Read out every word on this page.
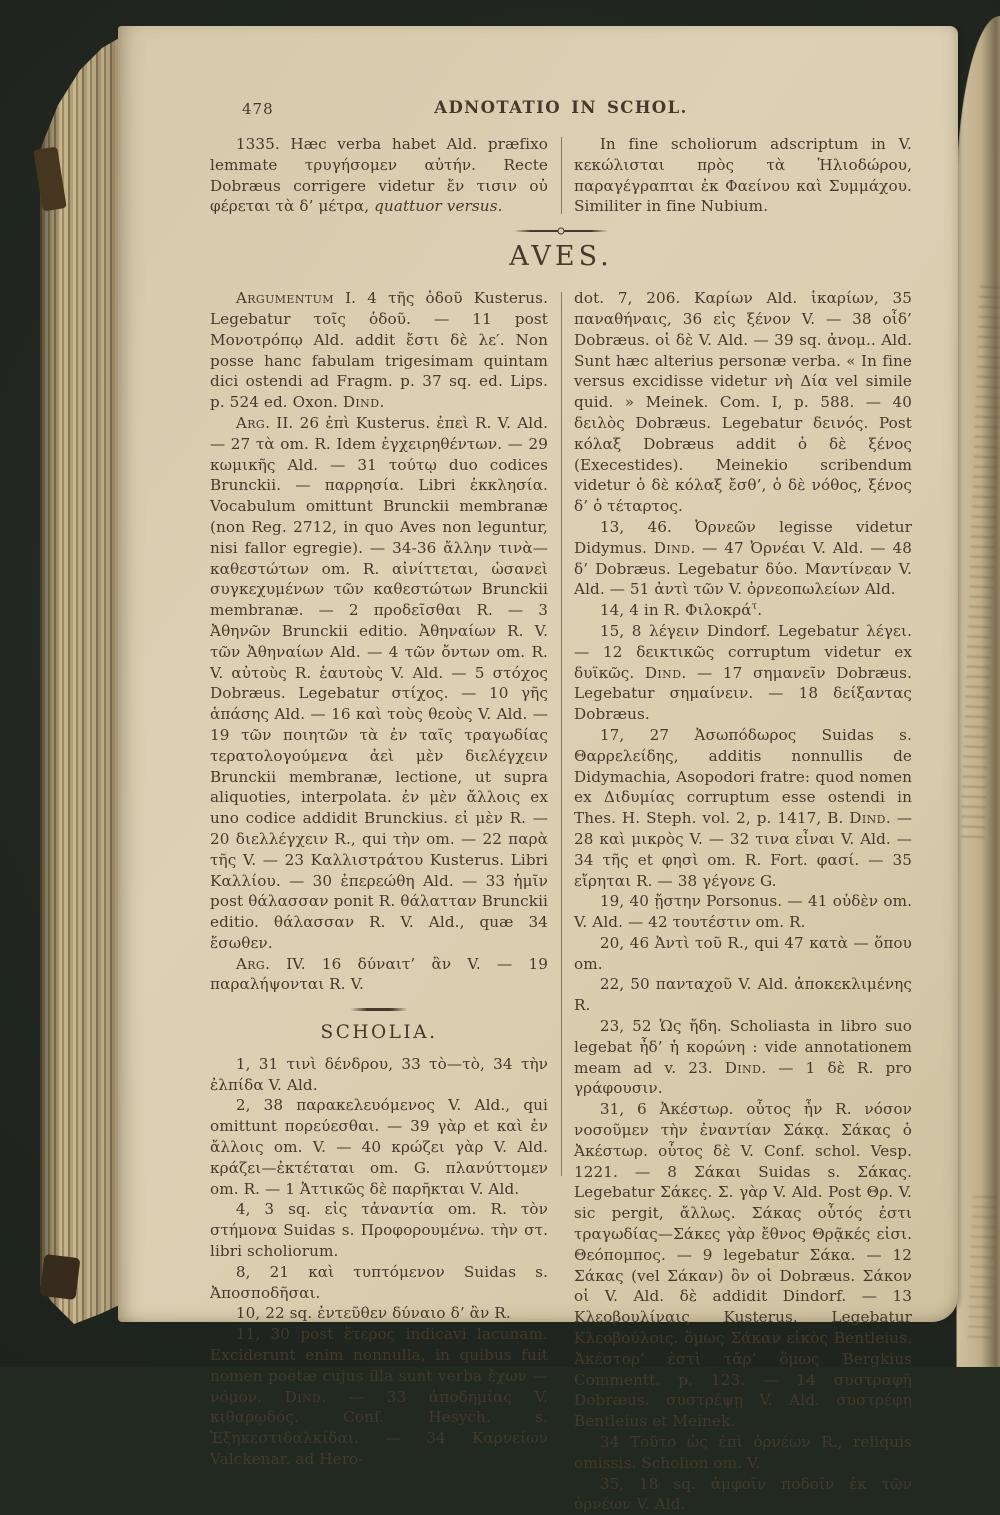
478	ADNOTATIO IN SCHOL.

1335. Hæc verba habet Ald. præfixo lemmate τρυγήσομεν αὐτήν. Recte Dobræus corrigere videtur ἔν τισιν οὐ φέρεται τὰ δ’ μέτρα, quattuor versus.

In fine scholiorum adscriptum in V. κεκώλισται πρὸς τὰ Ἡλιοδώρου, παραγέγραπται ἐκ Φαείνου καὶ Συμμάχου. Similiter in fine Nubium.

AVES.

Argumentum I. 4 τῆς ὁδοῦ Kusterus. Legebatur τοῖς ὁδοῦ. — 11 post Μονοτρόπῳ Ald. addit ἔστι δὲ λε′. Non posse hanc fabulam trigesimam quintam dici ostendi ad Fragm. p. 37 sq. ed. Lips. p. 524 ed. Oxon. Dind.

Arg. II. 26 ἐπὶ Kusterus. ἐπεὶ R. V. Ald. — 27 τὰ om. R. Idem ἐγχειρηθέντων. — 29 κωμικῆς Ald. — 31 τούτῳ duo codices Brunckii. — παρρησία. Libri ἐκκλησία. Vocabulum omittunt Brunckii membranæ (non Reg. 2712, in quo Aves non leguntur, nisi fallor egregie). — 34-36 ἄλλην τινὰ—καθεστώτων om. R. αἰνίττεται, ὡσανεὶ συγκεχυμένων τῶν καθεστώτων Brunckii membranæ. — 2 προδεῖσθαι R. — 3 Ἀθηνῶν Brunckii editio. Ἀθηναίων R. V. τῶν Ἀθηναίων Ald. — 4 τῶν ὄντων om. R. V. αὐτοὺς R. ἑαυτοὺς V. Ald. — 5 στόχος Dobræus. Legebatur στίχος. — 10 γῆς ἁπάσης Ald. — 16 καὶ τοὺς θεοὺς V. Ald. — 19 τῶν ποιητῶν τὰ ἐν ταῖς τραγωδίας τερατολογούμενα ἀεὶ μὲν διελέγχειν Brunckii membranæ, lectione, ut supra aliquoties, interpolata. ἐν μὲν ἄλλοις ex uno codice addidit Brunckius. εἰ μὲν R. — 20 διελλέγχειν R., qui τὴν om. — 22 παρὰ τῆς V. — 23 Καλλιστράτου Kusterus. Libri Καλλίου. — 30 ἐπερεώθη Ald. — 33 ἡμῖν post θάλασσαν ponit R. θάλατταν Brunckii editio. θάλασσαν R. V. Ald., quæ 34 ἔσωθεν.

Arg. IV. 16 δύναιτ’ ἂν V. — 19 παραλήψονται R. V.

SCHOLIA.

1, 31 τινὶ δένδρου, 33 τὸ—τὸ, 34 τὴν ἐλπίδα V. Ald.

2, 38 παρακελευόμενος V. Ald., qui omittunt πορεύεσθαι. — 39 γὰρ et καὶ ἐν ἄλλοις om. V. — 40 κρώζει γὰρ V. Ald. κράζει—ἐκτέταται om. G. πλανύττομεν om. R. — 1 Ἀττικῶς δὲ παρῆκται V. Ald.

4, 3 sq. εἰς τἀναντία om. R. τὸν στήμονα Suidas s. Προφορουμένω. τὴν στ. libri scholiorum.

8, 21 καὶ τυπτόμενον Suidas s. Ἀποσποδῆσαι.

10, 22 sq. ἐντεῦθεν δύναιο δ’ ἂν R.

11, 30 post ἕτερος indicavi lacunam. Exciderunt enim nonnulla, in quibus fuit nomen poetæ cujus illa sunt verba ἔχων — νόμον. Dind. — 33 ἀποδημίας V. κιθαρῳδός. Conf. Hesych. s. Ἐξηκεστιδαλκίδαι. — 34 Καρνείων Valckenar. ad Hero-

dot. 7, 206. Καρίων Ald. ἱκαρίων, 35 παναθήναις, 36 εἰς ξένον V. — 38 οἶδ’ Dobræus. οἱ δὲ V. Ald. — 39 sq. ἀνομ.. Ald. Sunt hæc alterius personæ verba. « In fine versus excidisse videtur νὴ Δία vel simile quid. » Meinek. Com. I, p. 588. — 40 δειλὸς Dobræus. Legebatur δεινός. Post κόλαξ Dobræus addit ὁ δὲ ξένος (Execestides). Meinekio scribendum videtur ὁ δὲ κόλαξ ἔσθ’, ὁ δὲ νόθος, ξένος δ’ ὁ τέταρτος.

13, 46. Ὀρνεῶν legisse videtur Didymus. Dind. — 47 Ὀρνέαι V. Ald. — 48 δ’ Dobræus. Legebatur δύο. Μαντίνεαν V. Ald. — 51 ἀντὶ τῶν V. ὀρνεοπωλείων Ald.

14, 4 in R. Φιλοκρά$^\tau$.

15, 8 λέγειν Dindorf. Legebatur λέγει. — 12 δεικτικῶς corruptum videtur ex δυϊκῶς. Dind. — 17 σημανεῖν Dobræus. Legebatur σημαίνειν. — 18 δείξαντας Dobræus.

17, 27 Ἀσωπόδωρος Suidas s. Θαρρελείδης, additis nonnullis de Didymachia, Asopodori fratre: quod nomen ex Διδυμίας corruptum esse ostendi in Thes. H. Steph. vol. 2, p. 1417, B. Dind. — 28 καὶ μικρὸς V. — 32 τινα εἶναι V. Ald. — 34 τῆς et φησὶ om. R. Fort. φασί. — 35 εἴρηται R. — 38 γέγονε G.

19, 40 ᾔστην Porsonus. — 41 οὐδὲν om. V. Ald. — 42 τουτέστιν om. R.

20, 46 Ἀντὶ τοῦ R., qui 47 κατὰ — ὅπου om.

22, 50 πανταχοῦ V. Ald. ἀποκεκλιμένης R.

23, 52 Ὡς ἤδη. Scholiasta in libro suo legebat ἦδ’ ἡ κορώνη : vide annotationem meam ad v. 23. Dind. — 1 δὲ R. pro γράφουσιν.

31, 6 Ἀκέστωρ. οὗτος ἦν R. νόσον νοσοῦμεν τὴν ἐναντίαν Σάκᾳ. Σάκας ὁ Ἀκέστωρ. οὗτος δὲ V. Conf. schol. Vesp. 1221. — 8 Σάκαι Suidas s. Σάκας. Legebatur Σάκες. Σ. γὰρ V. Ald. Post Θρ. V. sic pergit, ἄλλως. Σάκας οὗτός ἐστι τραγωδίας—Σάκες γὰρ ἔθνος Θρᾷκές εἰσι. Θεόπομπος. — 9 legebatur Σάκα. — 12 Σάκας (vel Σάκαν) ὂν οἱ Dobræus. Σάκον οἱ V. Ald. δὲ addidit Dindorf. — 13 Κλεοβουλίναις Kusterus. Legebatur Κλεοβούλοις. ὅμως Σάκαν εἰκὸς Bentleius. Ἀκέστορ’ ἐστὶ τἄρ’ ὅμως Bergkius Commentt. p. 123. — 14 συστραφῇ Dobræus. συστρέψῃ V. Ald. συστρέφῃ Bentleius et Meinek.

34 Τοῦτο ὡς ἐπὶ ὀρνέων R., reliquis omissis. Scholion om. V.

35, 18 sq. ἀμφοῖν ποδοῖν ἐκ τῶν ὀρνέων V. Ald.
